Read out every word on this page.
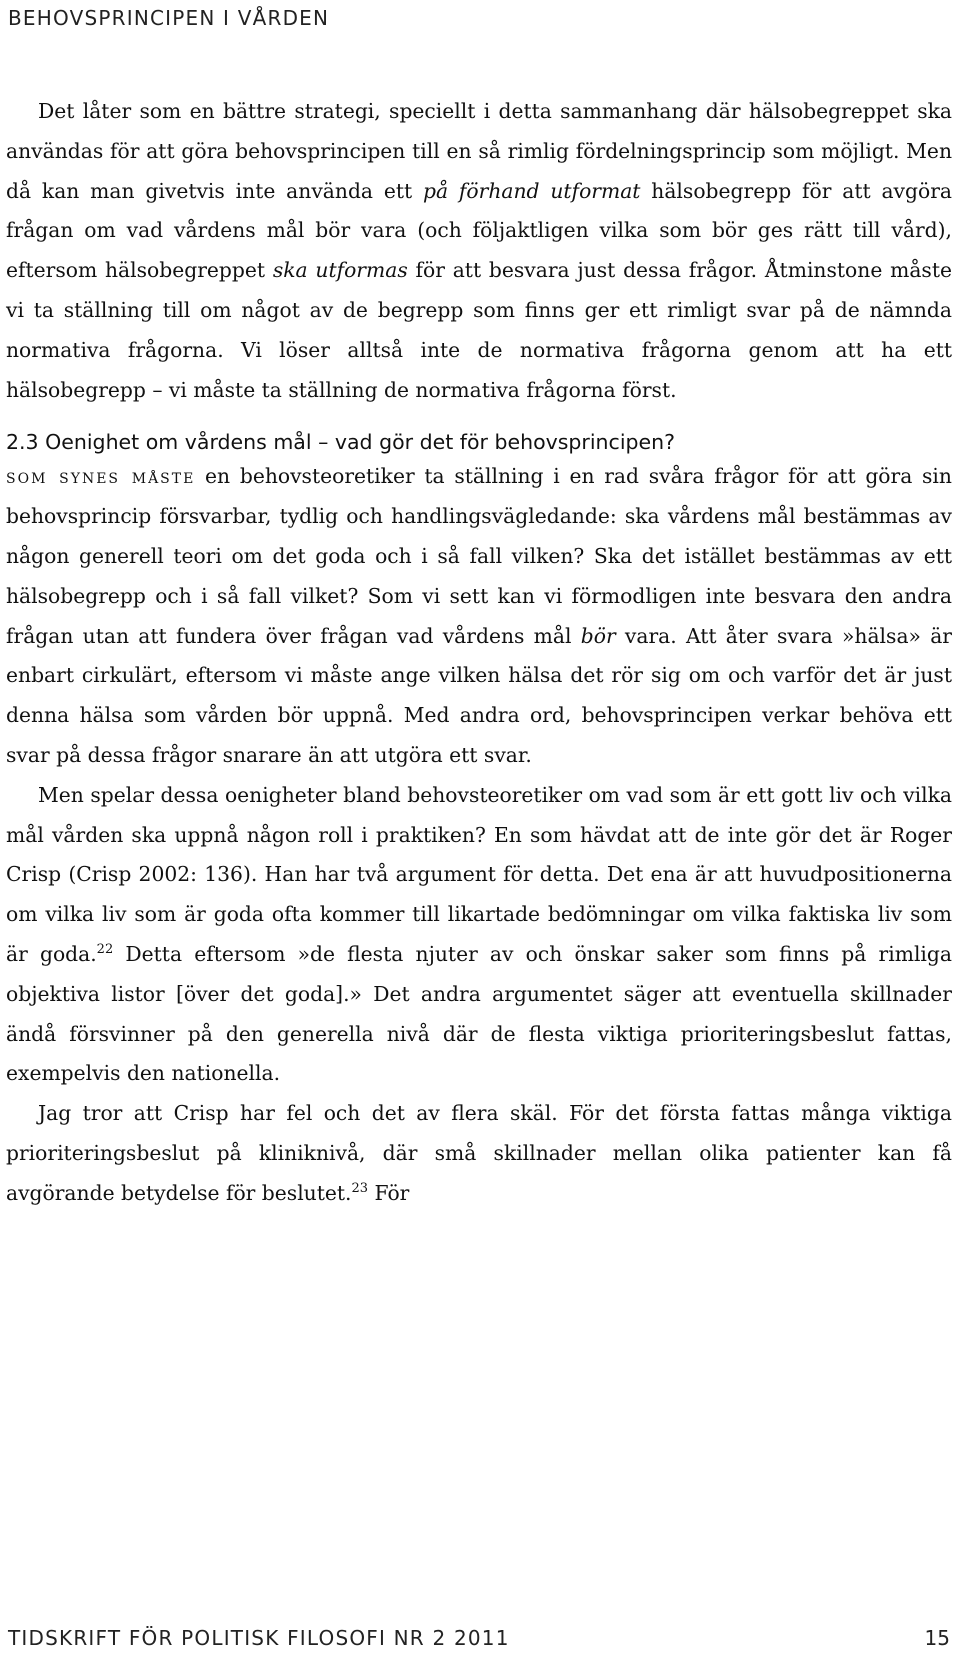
BEHOVSPRINCIPEN I VÅRDEN

Det låter som en bättre strategi, speciellt i detta sammanhang där hälsobegreppet ska användas för att göra behovsprincipen till en så rimlig fördelningsprincip som möjligt. Men då kan man givetvis inte använda ett på förhand utformat hälsobegrepp för att avgöra frågan om vad vårdens mål bör vara (och följaktligen vilka som bör ges rätt till vård), eftersom hälsobegreppet ska utformas för att besvara just dessa frågor. Åtminstone måste vi ta ställning till om något av de begrepp som finns ger ett rimligt svar på de nämnda normativa frågorna. Vi löser alltså inte de normativa frågorna genom att ha ett hälsobegrepp – vi måste ta ställning de normativa frågorna först.

2.3 Oenighet om vårdens mål – vad gör det för behovsprincipen?

som synes måste en behovsteoretiker ta ställning i en rad svåra frågor för att göra sin behovsprincip försvarbar, tydlig och handlingsvägledande: ska vårdens mål bestämmas av någon generell teori om det goda och i så fall vilken? Ska det istället bestämmas av ett hälsobegrepp och i så fall vilket? Som vi sett kan vi förmodligen inte besvara den andra frågan utan att fundera över frågan vad vårdens mål bör vara. Att åter svara »hälsa» är enbart cirkulärt, eftersom vi måste ange vilken hälsa det rör sig om och varför det är just denna hälsa som vården bör uppnå. Med andra ord, behovsprincipen verkar behöva ett svar på dessa frågor snarare än att utgöra ett svar.

Men spelar dessa oenigheter bland behovsteoretiker om vad som är ett gott liv och vilka mål vården ska uppnå någon roll i praktiken? En som hävdat att de inte gör det är Roger Crisp (Crisp 2002: 136). Han har två argument för detta. Det ena är att huvudpositionerna om vilka liv som är goda ofta kommer till likartade bedömningar om vilka faktiska liv som är goda.$^{22}$ Detta eftersom »de flesta njuter av och önskar saker som finns på rimliga objektiva listor [över det goda].» Det andra argumentet säger att eventuella skillnader ändå försvinner på den generella nivå där de flesta viktiga prioriteringsbeslut fattas, exempelvis den nationella.

Jag tror att Crisp har fel och det av flera skäl. För det första fattas många viktiga prioriteringsbeslut på kliniknivå, där små skillnader mellan olika patienter kan få avgörande betydelse för beslutet.$^{23}$ För

TIDSKRIFT FÖR POLITISK FILOSOFI NR 2 2011	15
